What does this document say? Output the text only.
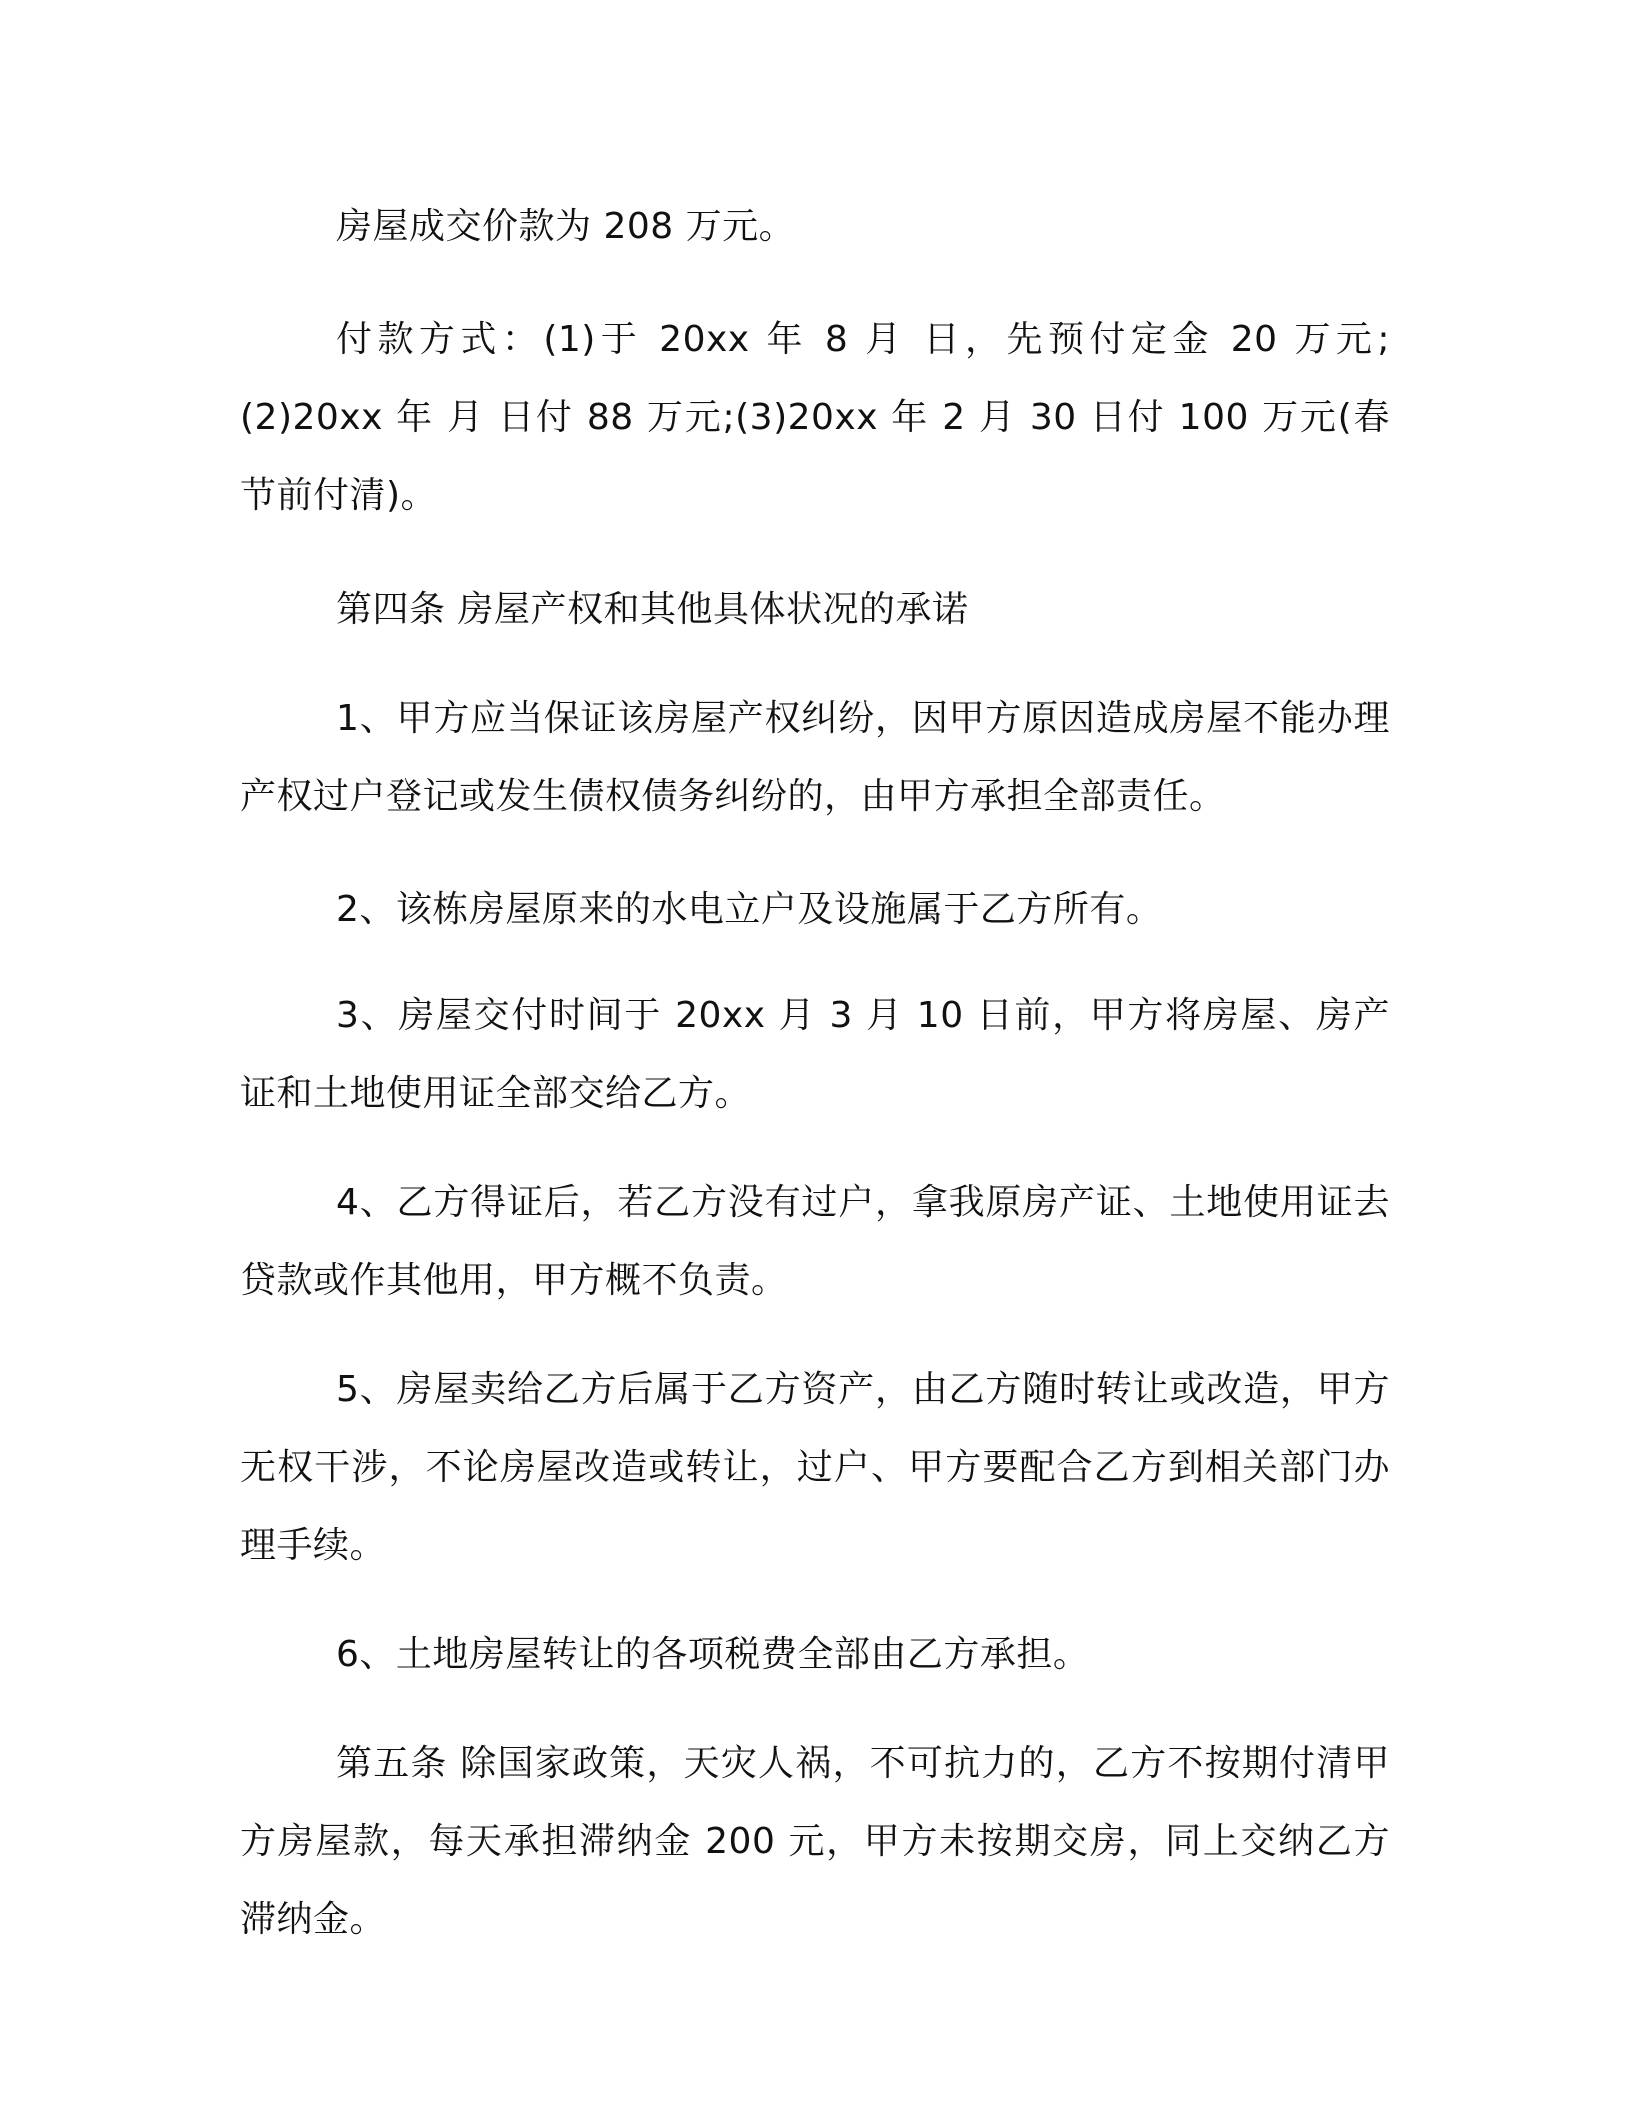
房屋成交价款为 208 万元。

付款方式：(1)于 20xx 年 8 月 日，先预付定金 20 万元;(2)20xx 年 月 日付 88 万元;(3)20xx 年 2 月 30 日付 100 万元(春节前付清)。

第四条 房屋产权和其他具体状况的承诺

1、甲方应当保证该房屋产权纠纷，因甲方原因造成房屋不能办理产权过户登记或发生债权债务纠纷的，由甲方承担全部责任。

2、该栋房屋原来的水电立户及设施属于乙方所有。

3、房屋交付时间于 20xx 月 3 月 10 日前，甲方将房屋、房产证和土地使用证全部交给乙方。

4、乙方得证后，若乙方没有过户，拿我原房产证、土地使用证去贷款或作其他用，甲方概不负责。

5、房屋卖给乙方后属于乙方资产，由乙方随时转让或改造，甲方无权干涉，不论房屋改造或转让，过户、甲方要配合乙方到相关部门办理手续。

6、土地房屋转让的各项税费全部由乙方承担。

第五条 除国家政策，天灾人祸，不可抗力的，乙方不按期付清甲方房屋款，每天承担滞纳金 200 元，甲方未按期交房，同上交纳乙方滞纳金。
